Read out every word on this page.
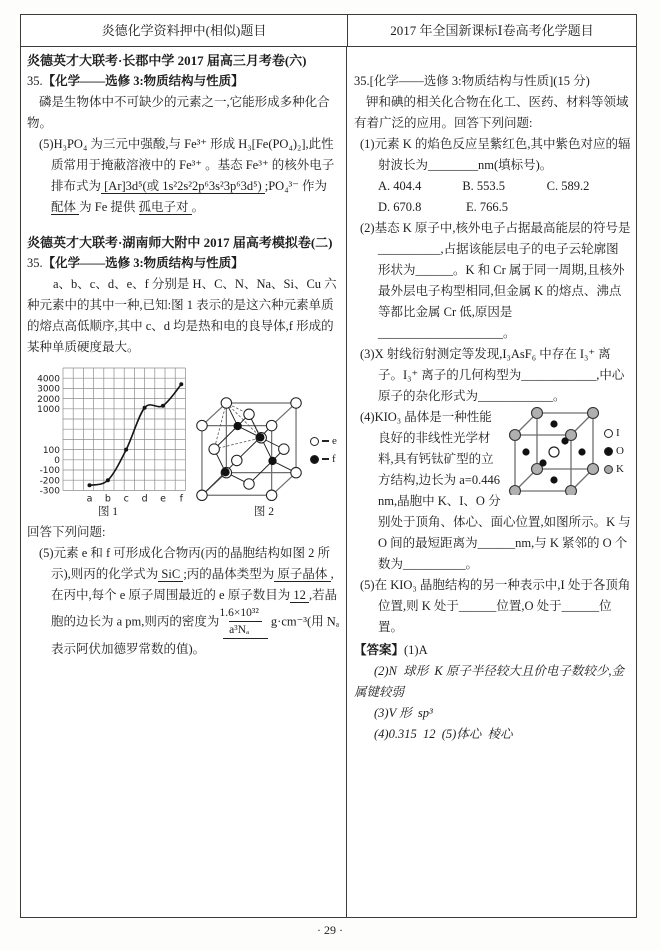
炎德化学资料押中(相似)题目	2017 年全国新课标Ⅰ卷高考化学题目
炎德英才大联考·长郡中学 2017 届高三月考卷(六)
35.【化学——选修 3:物质结构与性质】
磷是生物体中不可缺少的元素之一,它能形成多种化合物。
(5)H₃PO₄ 为三元中强酸,与 Fe³⁺ 形成 H₃[Fe(PO₄)₂],此性质常用于掩蔽溶液中的 Fe³⁺ 。基态 Fe³⁺ 的核外电子排布式为 [Ar]3d⁵(或 1s²2s²2p⁶3s²3p⁶3d⁵) ;PO₄³⁻ 作为 配体 为 Fe 提供 孤电子对 。
炎德英才大联考·湖南师大附中 2017 届高考模拟卷(二)
35.【化学——选修 3:物质结构与性质】
a、b、c、d、e、f 分别是 H、C、N、Na、Si、Cu 六种元素中的其中一种,已知:图 1 表示的是这六种元素单质的熔点高低顺序,其中 c、d 均是热和电的良导体,f 形成的某种单质硬度最大。
4000
3000
2000
1000
100
0
-100
-200
-300
a b c d e f
图 1
e
f
图 2
回答下列问题:
(5)元素 e 和 f 可形成化合物丙(丙的晶胞结构如图 2 所示),则丙的化学式为 SiC ;丙的晶体类型为 原子晶体 ,在丙中,每个 e 原子周围最近的 e 原子数目为 12 ,若晶胞的边长为 a pm,则丙的密度为 $\frac{\text{1.6×10³²}}{\text{a³Nₐ}} g\cdot cm^{-3}$(用 Nₐ 表示阿伏加德罗常数的值)。
35.[化学——选修 3:物质结构与性质](15 分)
钾和碘的相关化合物在化工、医药、材料等领域有着广泛的应用。回答下列问题:
(1)元素 K 的焰色反应呈紫红色,其中紫色对应的辐射波长为________nm(填标号)。
A. 404.4	B. 553.5	C. 589.2
D. 670.8	E. 766.5
(2)基态 K 原子中,核外电子占据最高能层的符号是__________,占据该能层电子的电子云轮廓图形状为______。K 和 Cr 属于同一周期,且核外最外层电子构型相同,但金属 K 的熔点、沸点等都比金属 Cr 低,原因是____________________。
(3)X 射线衍射测定等发现,I₃AsF₆ 中存在 I₃⁺ 离子。I₃⁺ 离子的几何构型为____________,中心原子的杂化形式为____________。
I
O
K
(4)KIO₃ 晶体是一种性能良好的非线性光学材料,具有钙钛矿型的立方结构,边长为 a=0.446 nm,晶胞中 K、I、O 分别处于顶角、体心、面心位置,如图所示。K 与 O 间的最短距离为______nm,与 K 紧邻的 O 个数为__________。
(5)在 KIO₃ 晶胞结构的另一种表示中,I 处于各顶角位置,则 K 处于______位置,O 处于______位置。
【答案】(1)A
(2)N  球形  K 原子半径较大且价电子数较少,金属键较弱
(3)V 形  sp³
(4)0.315  12  (5)体心  棱心
· 29 ·
